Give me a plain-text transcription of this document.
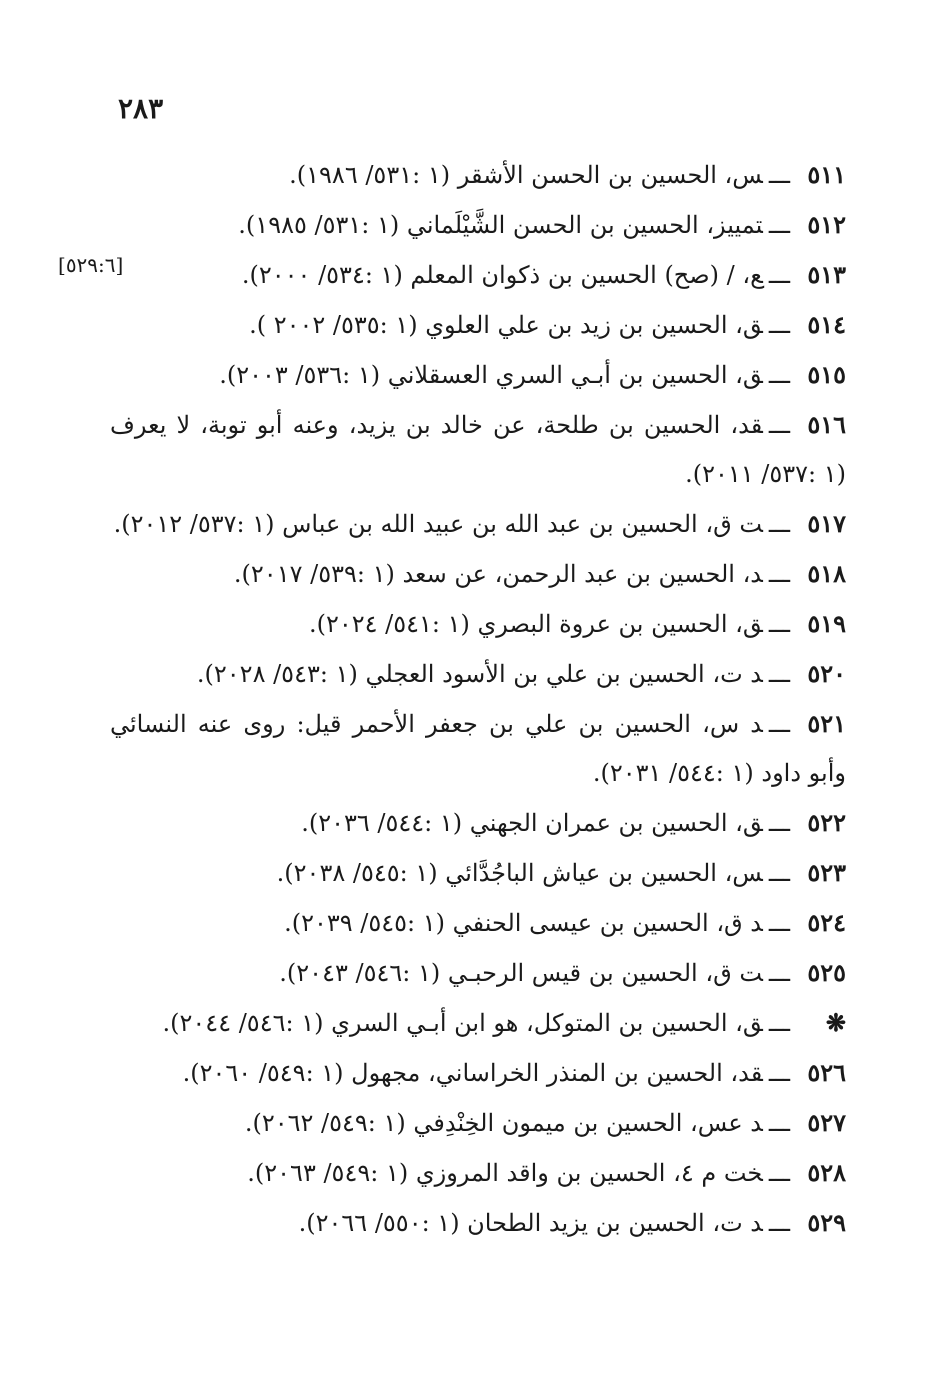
٢٨٣
[٥٢٩:٦]

٥١١ـــس، الحسين بن الحسن الأشقر (١ :٥٣١/ ١٩٨٦).

٥١٢ـــتمييز، الحسين بن الحسن الشَّيْلَماني (١ :٥٣١/ ١٩٨٥).

٥١٣ـــع، / (صح) الحسين بن ذكوان المعلم (١ :٥٣٤/ ٢٠٠٠).

٥١٤ـــق، الحسين بن زيد بن علي العلوي (١ :٥٣٥/ ٢٠٠٢ ).

٥١٥ـــق، الحسين بن أبـي السري العسقلاني (١ :٥٣٦/ ٢٠٠٣).

٥١٦ـــقد، الحسين بن طلحة، عن خالد بن يزيد، وعنه أبو توبة، لا يعرف (١ :٥٣٧/ ٢٠١١).

٥١٧ـــت ق، الحسين بن عبد الله بن عبيد الله بن عباس (١ :٥٣٧/ ٢٠١٢).

٥١٨ـــد، الحسين بن عبد الرحمن، عن سعد (١ :٥٣٩/ ٢٠١٧).

٥١٩ـــق، الحسين بن عروة البصري (١ :٥٤١/ ٢٠٢٤).

٥٢٠ـــد ت، الحسين بن علي بن الأسود العجلي (١ :٥٤٣/ ٢٠٢٨).

٥٢١ـــد س، الحسين بن علي بن جعفر الأحمر قيل: روى عنه النسائي وأبو داود (١ :٥٤٤/ ٢٠٣١).

٥٢٢ـــق، الحسين بن عمران الجهني (١ :٥٤٤/ ٢٠٣٦).

٥٢٣ـــس، الحسين بن عياش الباجُدَّائي (١ :٥٤٥/ ٢٠٣٨).

٥٢٤ـــد ق، الحسين بن عيسى الحنفي (١ :٥٤٥/ ٢٠٣٩).

٥٢٥ـــت ق، الحسين بن قيس الرحبـي (١ :٥٤٦/ ٢٠٤٣).

❋ـــق، الحسين بن المتوكل، هو ابن أبـي السري (١ :٥٤٦/ ٢٠٤٤).

٥٢٦ـــقد، الحسين بن المنذر الخراساني، مجهول (١ :٥٤٩/ ٢٠٦٠).

٥٢٧ـــد عس، الحسين بن ميمون الخِنْدِفي (١ :٥٤٩/ ٢٠٦٢).

٥٢٨ـــخت م ٤، الحسين بن واقد المروزي (١ :٥٤٩/ ٢٠٦٣).

٥٢٩ـــد ت، الحسين بن يزيد الطحان (١ :٥٥٠/ ٢٠٦٦).
